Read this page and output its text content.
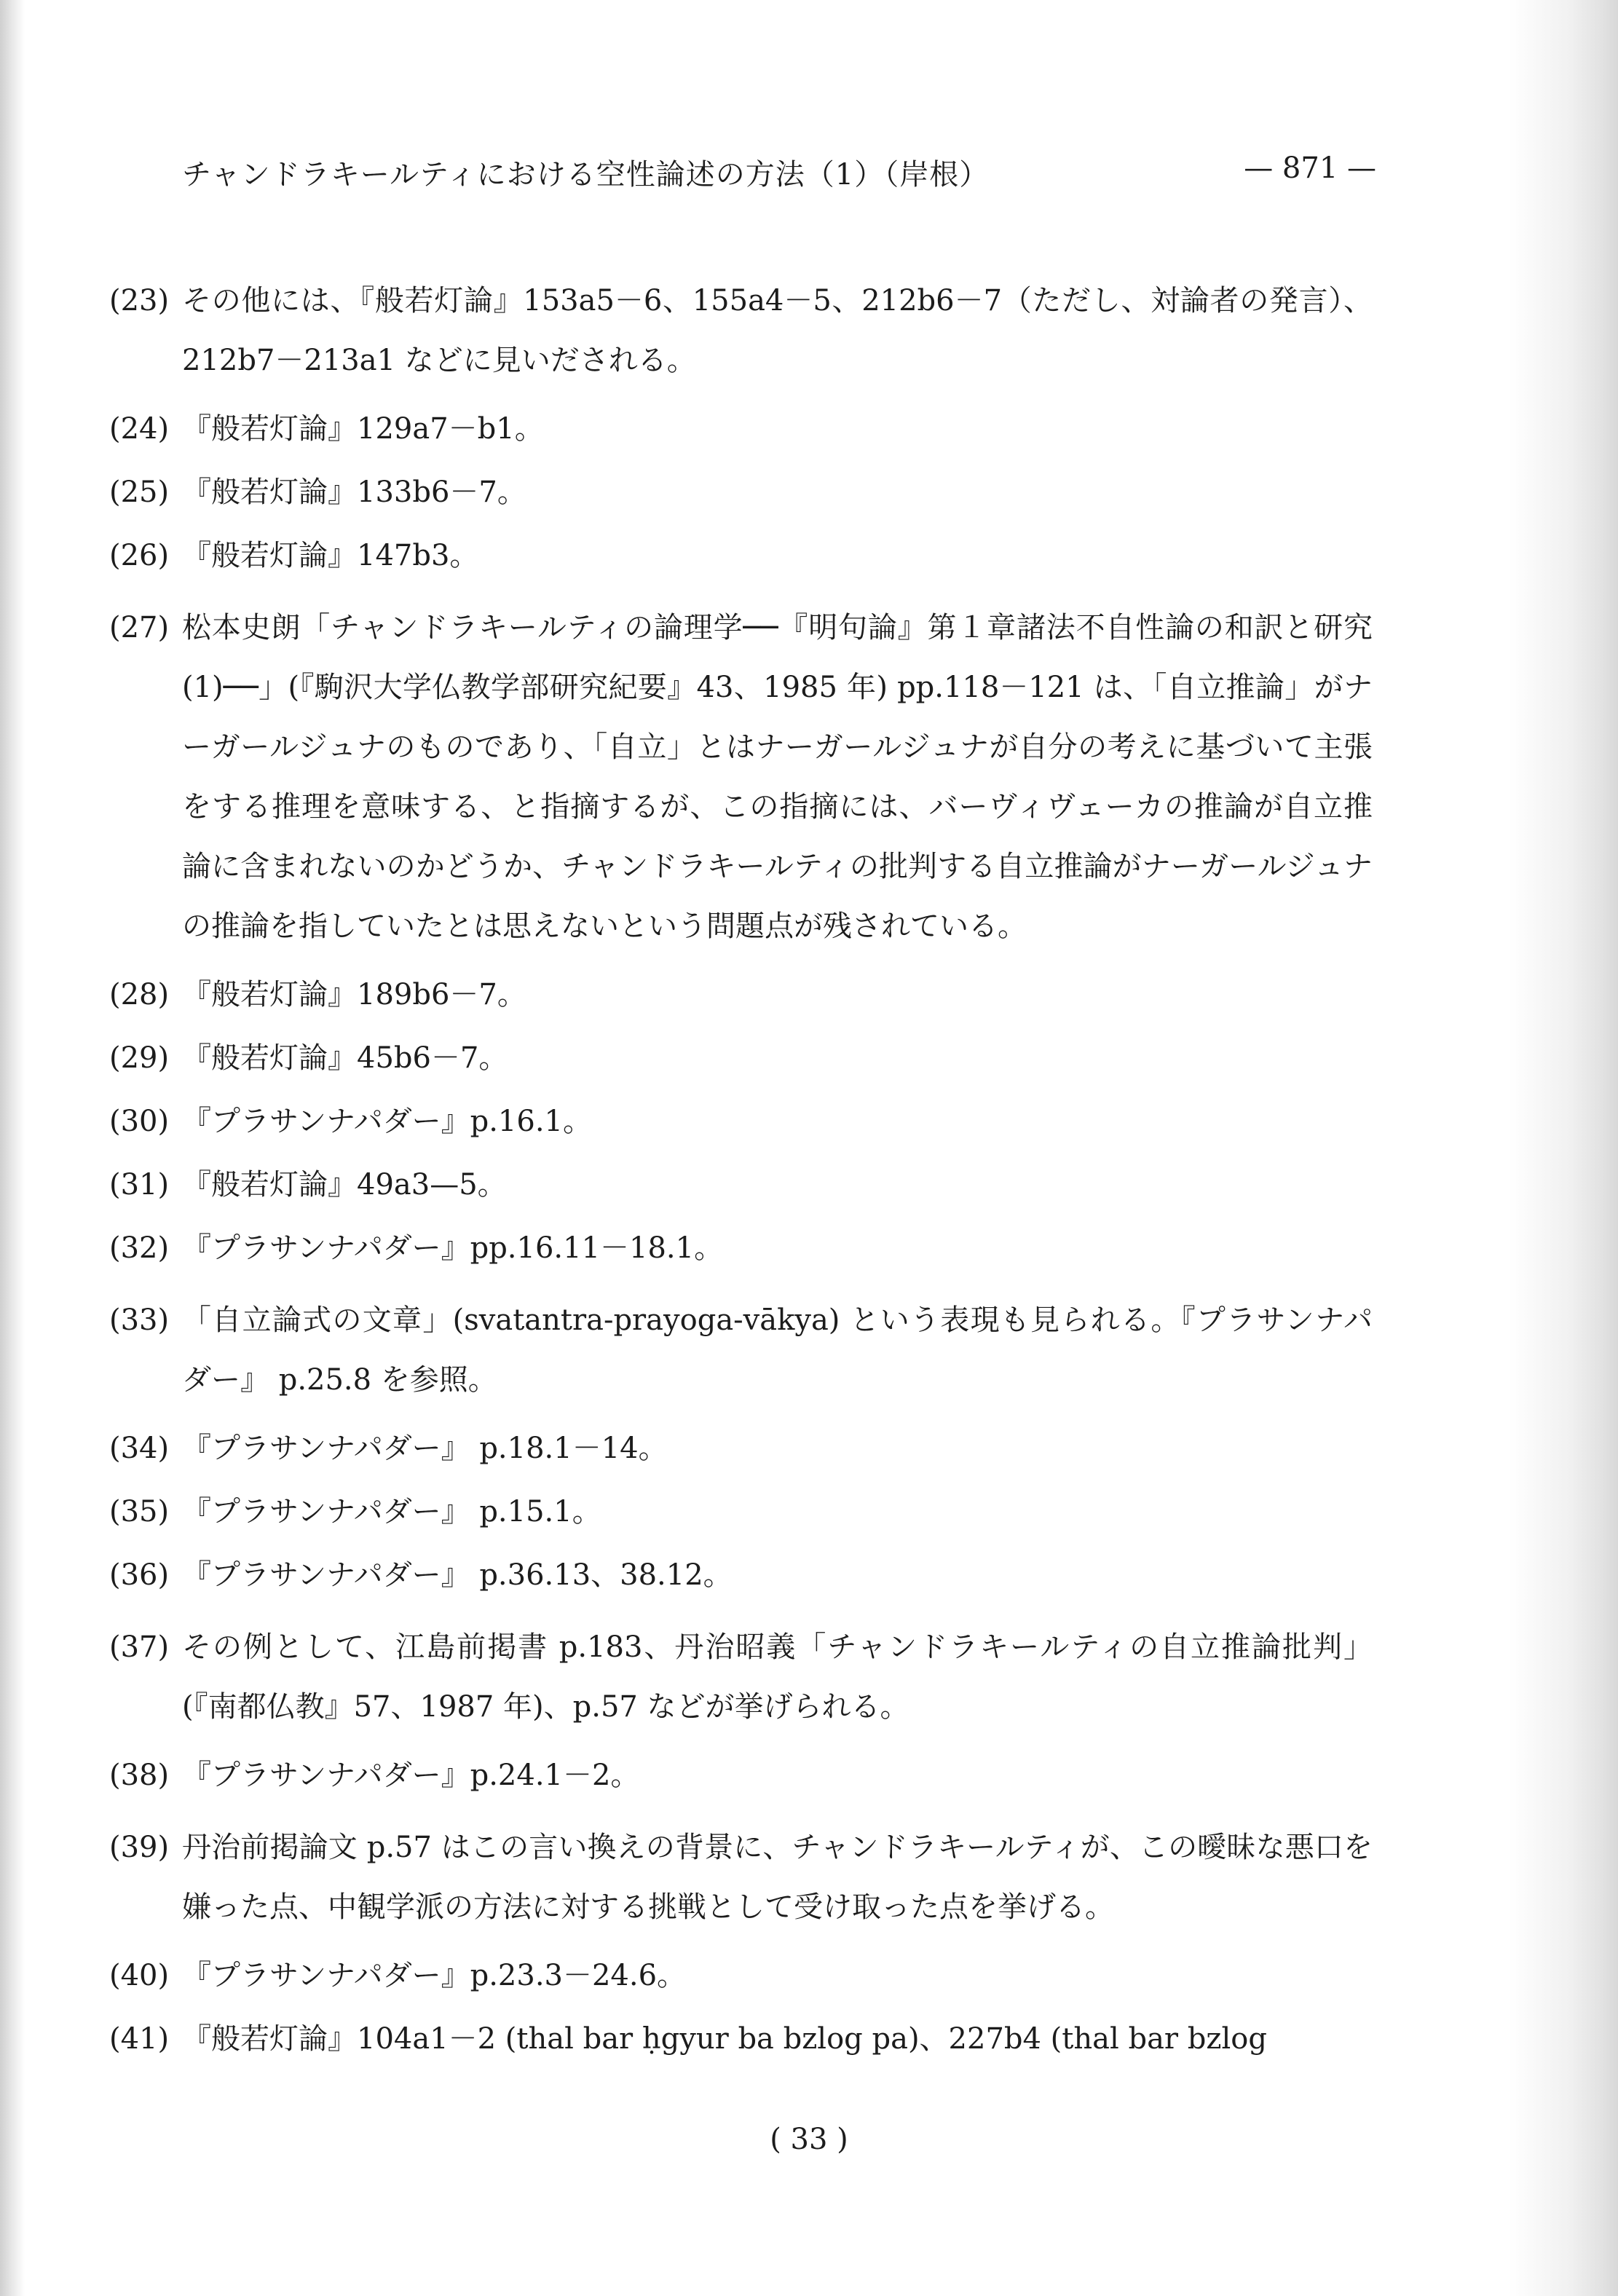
チャンドラキールティにおける空性論述の方法（1）（岸根）	— 871 —
(23) その他には、『般若灯論』153a5－6、155a4－5、212b6－7（ただし、対論者の発言）、212b7－213a1 などに見いだされる。
(24) 『般若灯論』129a7－b1。
(25) 『般若灯論』133b6－7。
(26) 『般若灯論』147b3。
(27) 松本史朗「チャンドラキールティの論理学──『明句論』第１章諸法不自性論の和訳と研究(1)──」(『駒沢大学仏教学部研究紀要』43、1985 年) pp.118－121 は、「自立推論」がナーガールジュナのものであり、「自立」とはナーガールジュナが自分の考えに基づいて主張をする推理を意味する、と指摘するが、この指摘には、バーヴィヴェーカの推論が自立推論に含まれないのかどうか、チャンドラキールティの批判する自立推論がナーガールジュナの推論を指していたとは思えないという問題点が残されている。
(28) 『般若灯論』189b6－7。
(29) 『般若灯論』45b6－7。
(30) 『プラサンナパダー』p.16.1。
(31) 『般若灯論』49a3—5。
(32) 『プラサンナパダー』pp.16.11－18.1。
(33) 「自立論式の文章」(svatantra-prayoga-vākya) という表現も見られる。『プラサンナパダー』 p.25.8 を参照。
(34) 『プラサンナパダー』 p.18.1－14。
(35) 『プラサンナパダー』 p.15.1。
(36) 『プラサンナパダー』 p.36.13、38.12。
(37) その例として、江島前掲書 p.183、丹治昭義「チャンドラキールティの自立推論批判」(『南都仏教』57、1987 年)、p.57 などが挙げられる。
(38) 『プラサンナパダー』p.24.1－2。
(39) 丹治前掲論文 p.57 はこの言い換えの背景に、チャンドラキールティが、この曖昧な悪口を嫌った点、中観学派の方法に対する挑戦として受け取った点を挙げる。
(40) 『プラサンナパダー』p.23.3－24.6。
(41) 『般若灯論』104a1－2 (thal bar ḥgyur ba bzlog pa)、227b4 (thal bar bzlog
( 33 )
